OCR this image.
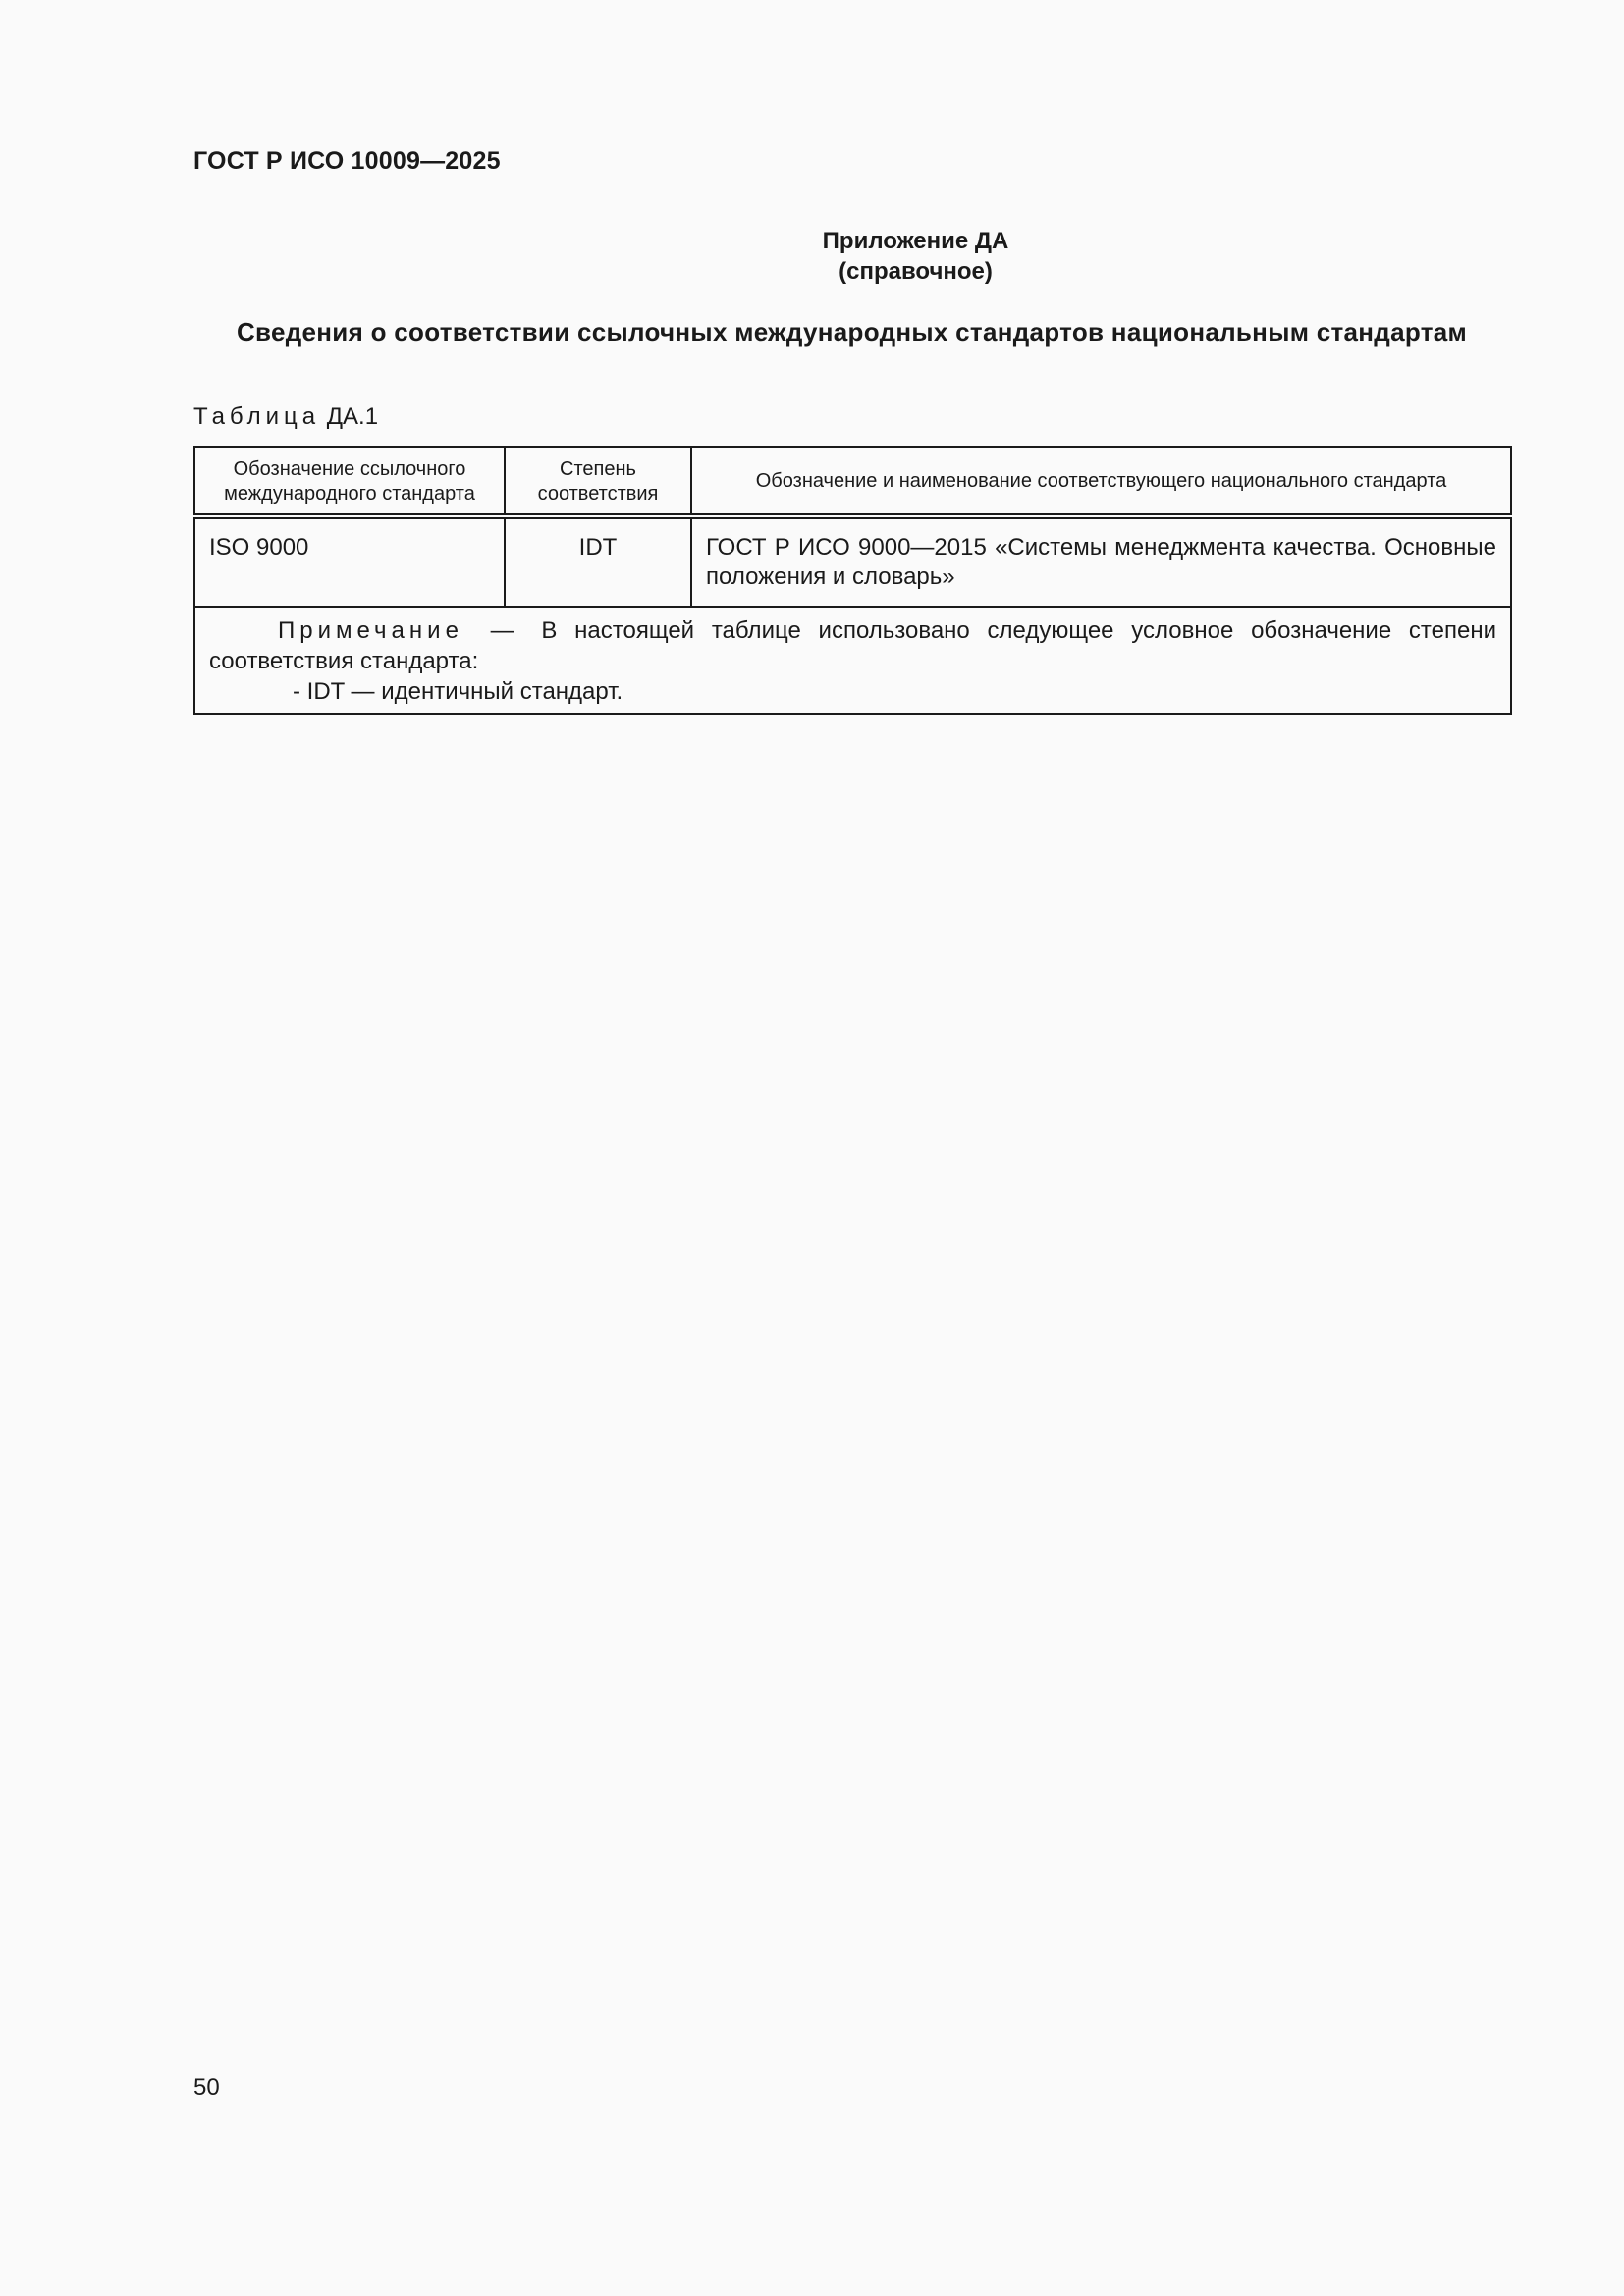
ГОСТ Р ИСО 10009—2025
Приложение ДА
(справочное)
Сведения о соответствии ссылочных международных стандартов национальным стандартам
Таблица ДА.1
Обозначение ссылочного международного стандарта	Степень соответствия	Обозначение и наименование соответствующего национального стандарта

ISO 9000	IDT	ГОСТ Р ИСО 9000—2015 «Системы менеджмента качества. Основные положения и словарь»

Примечание — В настоящей таблице использовано следующее условное обозначение степени соответствия стандарта:
- IDT — идентичный стандарт.		
50
